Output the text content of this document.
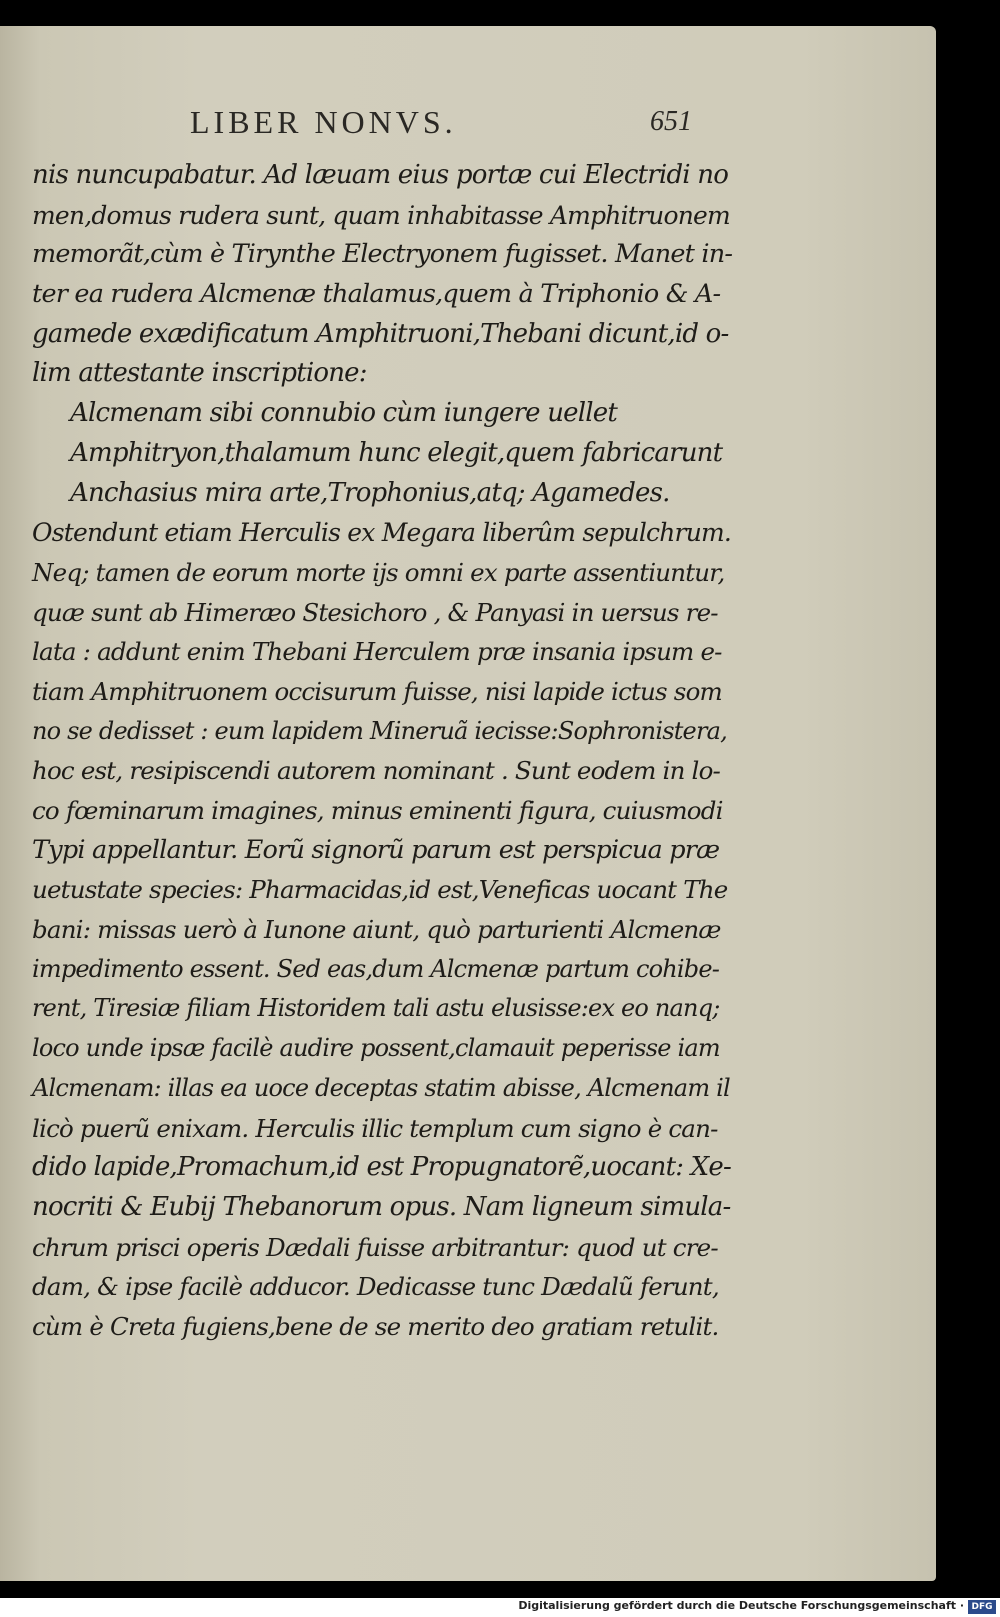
LIBER NONVS.	651
nis nuncupabatur. Ad læuam eius portæ cui Electridi no
men,domus rudera sunt, quam inhabitasse Amphitruonem
memorãt,cùm è Tirynthe Electryonem fugisset. Manet in-
ter ea rudera Alcmenæ thalamus,quem à Triphonio & A-
gamede exædificatum Amphitruoni,Thebani dicunt,id o-
lim attestante inscriptione:
Alcmenam sibi connubio cùm iungere uellet
Amphitryon,thalamum hunc elegit,quem fabricarunt
Anchasius mira arte,Trophonius,atq; Agamedes.
Ostendunt etiam Herculis ex Megara liberûm sepulchrum.
Neq; tamen de eorum morte ijs omni ex parte assentiuntur,
quæ sunt ab Himeræo Stesichoro , & Panyasi in uersus re-
lata : addunt enim Thebani Herculem præ insania ipsum e-
tiam Amphitruonem occisurum fuisse, nisi lapide ictus som
no se dedisset : eum lapidem Mineruã iecisse:Sophronistera,
hoc est, resipiscendi autorem nominant . Sunt eodem in lo-
co fœminarum imagines, minus eminenti figura, cuiusmodi
Typi appellantur. Eorũ signorũ parum est perspicua præ
uetustate species: Pharmacidas,id est,Veneficas uocant The
bani: missas uerò à Iunone aiunt, quò parturienti Alcmenæ
impedimento essent. Sed eas,dum Alcmenæ partum cohibe-
rent, Tiresiæ filiam Historidem tali astu elusisse:ex eo nanq;
loco unde ipsæ facilè audire possent,clamauit peperisse iam
Alcmenam: illas ea uoce deceptas statim abisse, Alcmenam il
licò puerũ enixam. Herculis illic templum cum signo è can-
dido lapide,Promachum,id est Propugnatorẽ,uocant: Xe-
nocriti & Eubij Thebanorum opus. Nam ligneum simula-
chrum prisci operis Dædali fuisse arbitrantur: quod ut cre-
dam, & ipse facilè adducor. Dedicasse tunc Dædalũ ferunt,
cùm è Creta fugiens,bene de se merito deo gratiam retulit.
Digitalisierung gefördert durch die Deutsche Forschungsgemeinschaft · DFG
